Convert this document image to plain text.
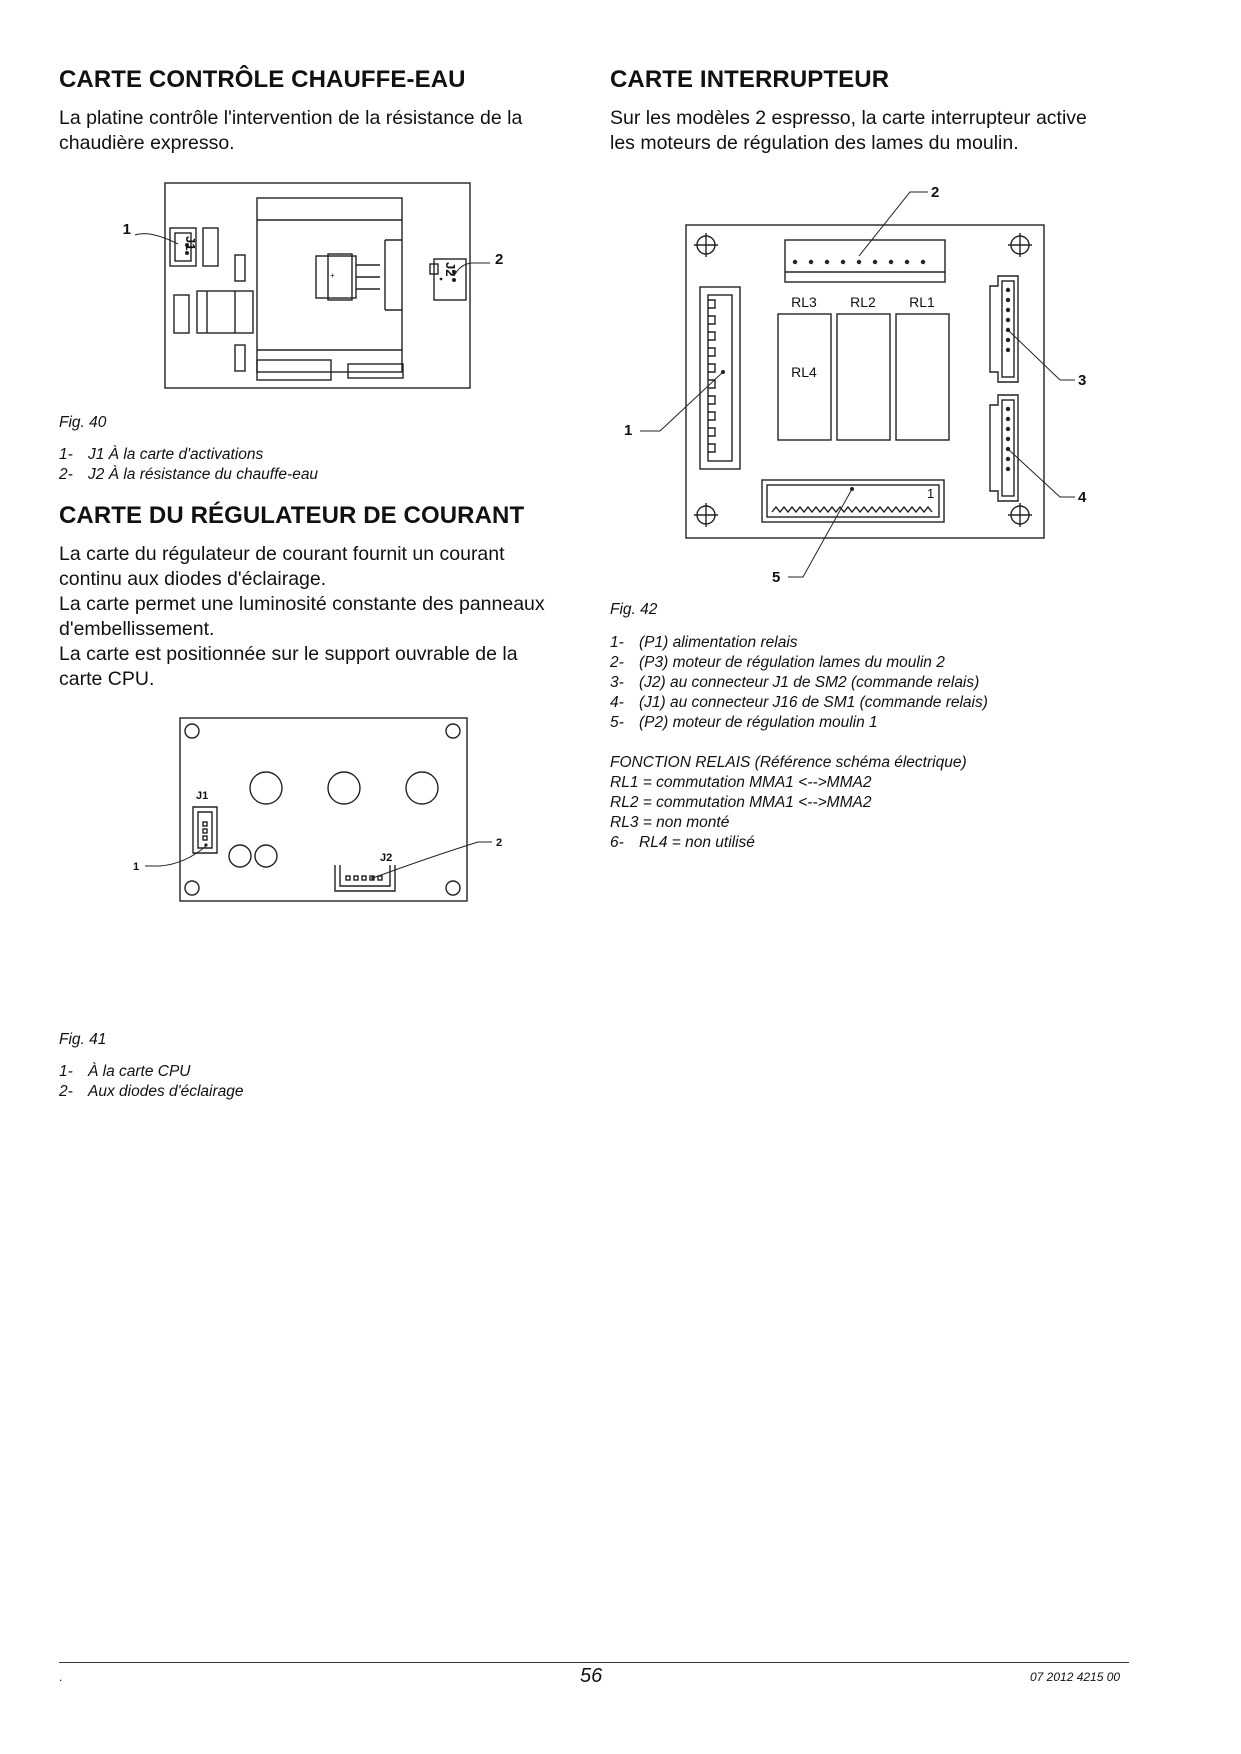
CARTE CONTRÔLE CHAUFFE-EAU
La platine contrôle l'intervention de la résistance de la
chaudière expresso.
+
J1
J2
1
2
Fig. 40
1- J1 À la carte d'activations
2- J2 À la résistance du chauffe-eau
CARTE DU RÉGULATEUR DE COURANT
La carte du régulateur de courant fournit un courant
continu aux diodes d'éclairage.
La carte permet une luminosité constante des panneaux
d'embellissement.
La carte est positionnée sur le support ouvrable de la
carte CPU.
J1
J2
1
2
Fig. 41
1- À la carte CPU
2- Aux diodes d'éclairage
CARTE INTERRUPTEUR
Sur les modèles 2 espresso, la carte interrupteur active
les moteurs de régulation des lames du moulin.
RL3 RL2 RL1
RL4
1
1
2
3
4
5
Fig. 42
1- (P1) alimentation relais
2- (P3) moteur de régulation lames du moulin 2
3- (J2) au connecteur J1 de SM2 (commande relais)
4- (J1) au connecteur J16 de SM1 (commande relais)
5- (P2) moteur de régulation moulin 1
FONCTION RELAIS (Référence schéma électrique)
RL1 = commutation MMA1 <-->MMA2
RL2 = commutation MMA1 <-->MMA2
RL3 = non monté
6- RL4 = non utilisé
.	56	07 2012 4215 00
